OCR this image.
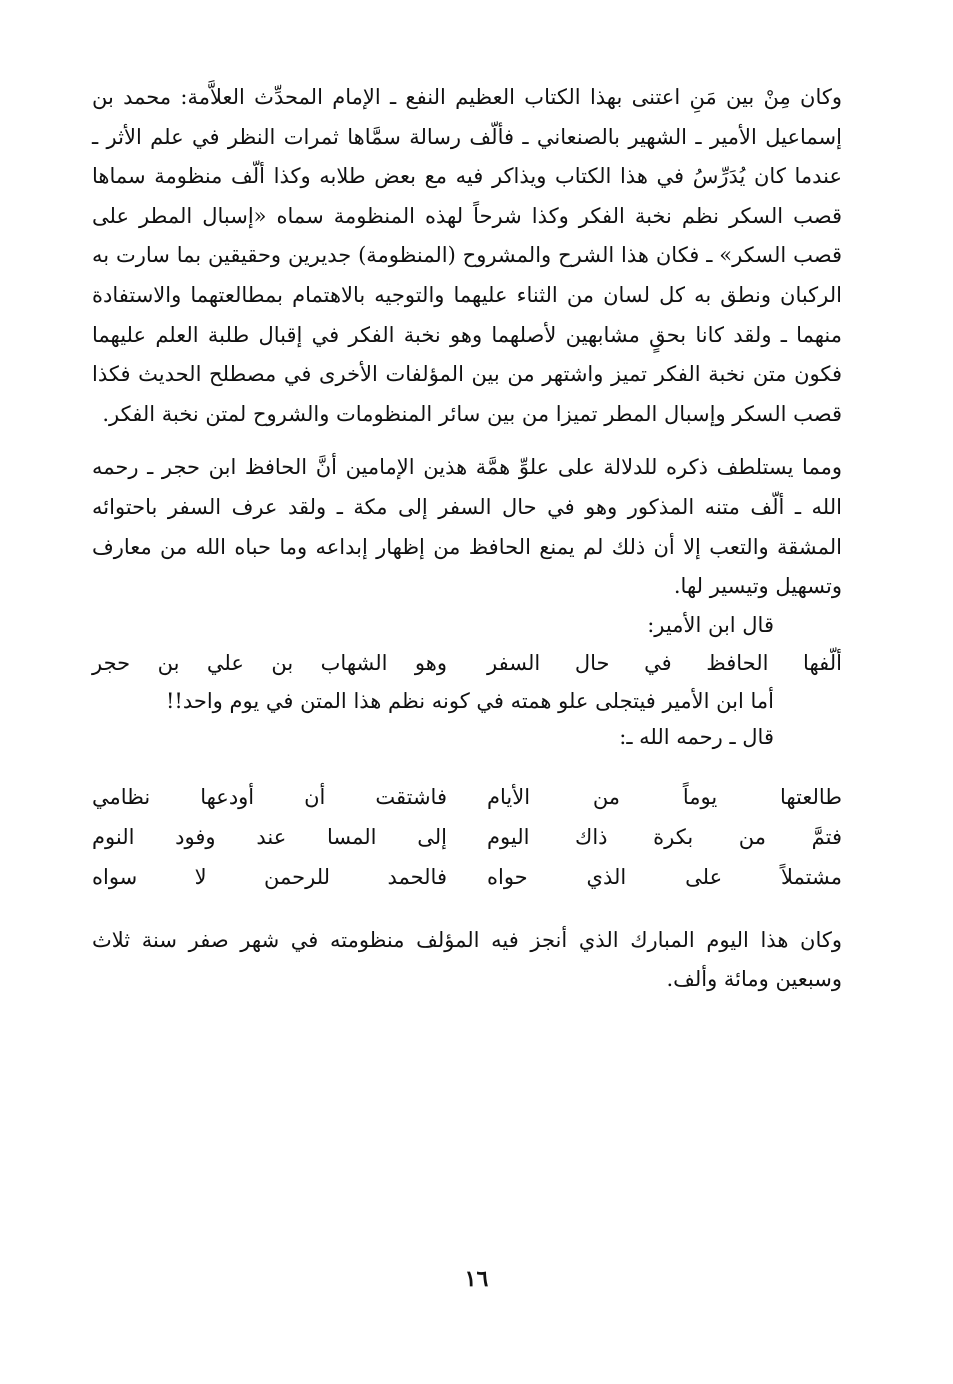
وكان مِنْ بين مَنِ اعتنى بهذا الكتاب العظيم النفع ـ الإمام المحدِّث العلاَّمة: محمد بن إسماعيل الأمير ـ الشهير بالصنعاني ـ فألّف رسالة سمَّاها ثمرات النظر في علم الأثر ـ عندما كان يُدَرِّسُ في هذا الكتاب ويذاكر فيه مع بعض طلابه وكذا ألّف منظومة سماها قصب السكر نظم نخبة الفكر وكذا شرحاً لهذه المنظومة سماه «إسبال المطر على قصب السكر» ـ فكان هذا الشرح والمشروح (المنظومة) جديرين وحقيقين بما سارت به الركبان ونطق به كل لسان من الثناء عليهما والتوجيه بالاهتمام بمطالعتهما والاستفادة منهما ـ ولقد كانا بحقٍ مشابهين لأصلهما وهو نخبة الفكر في إقبال طلبة العلم عليهما فكون متن نخبة الفكر تميز واشتهر من بين المؤلفات الأخرى في مصطلح الحديث فكذا قصب السكر وإسبال المطر تميزا من بين سائر المنظومات والشروح لمتن نخبة الفكر.

ومما يستلطف ذكره للدلالة على علوِّ همَّة هذين الإمامين أنَّ الحافظ ابن حجر ـ رحمه الله ـ ألّف متنه المذكور وهو في حال السفر إلى مكة ـ ولقد عرف السفر باحتوائه المشقة والتعب إلا أن ذلك لم يمنع الحافظ من إظهار إبداعه وما حباه الله من معارف وتسهيل وتيسير لها.

قال ابن الأمير:

ألّفها الحافظ في حال السفر
وهو الشهاب بن علي بن حجر

أما ابن الأمير فيتجلى علو همته في كونه نظم هذا المتن في يوم واحد!!

قال ـ رحمه الله ـ:

طالعتها يوماً من الأيام
فاشتقت أن أودعها نظامي
فتمَّ من بكرة ذاك اليوم
إلى المسا عند وفود النوم
مشتملاً على الذي حواه
فالحمد للرحمن لا سواه

وكان هذا اليوم المبارك الذي أنجز فيه المؤلف منظومته في شهر صفر سنة ثلاث وسبعين ومائة وألف.

١٦
